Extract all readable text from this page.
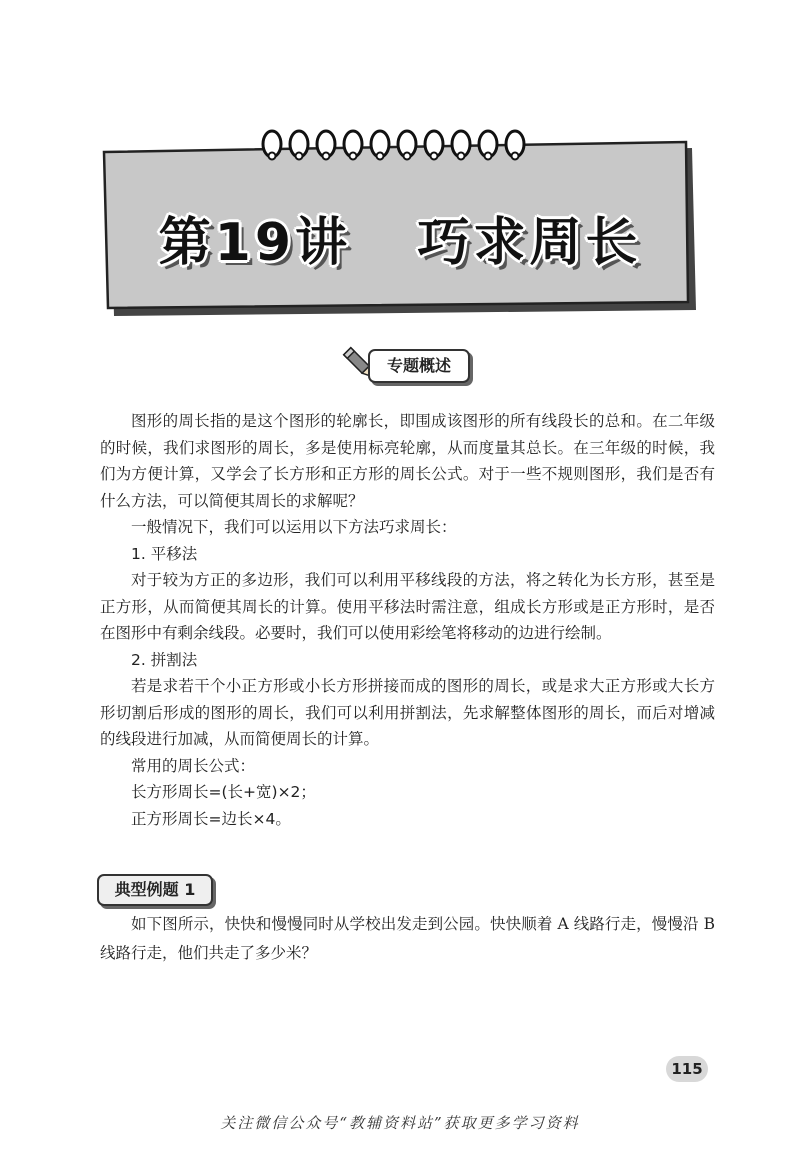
第19讲   巧求周长
专题概述

图形的周长指的是这个图形的轮廓长，即围成该图形的所有线段长的总和。在二年级的时候，我们求图形的周长，多是使用标亮轮廓，从而度量其总长。在三年级的时候，我们为方便计算，又学会了长方形和正方形的周长公式。对于一些不规则图形，我们是否有什么方法，可以简便其周长的求解呢？

一般情况下，我们可以运用以下方法巧求周长：

1. 平移法

对于较为方正的多边形，我们可以利用平移线段的方法，将之转化为长方形，甚至是正方形，从而简便其周长的计算。使用平移法时需注意，组成长方形或是正方形时，是否在图形中有剩余线段。必要时，我们可以使用彩绘笔将移动的边进行绘制。

2. 拼割法

若是求若干个小正方形或小长方形拼接而成的图形的周长，或是求大正方形或大长方形切割后形成的图形的周长，我们可以利用拼割法，先求解整体图形的周长，而后对增减的线段进行加减，从而简便周长的计算。

常用的周长公式：

长方形周长=(长+宽)×2；

正方形周长=边长×4。

典型例题 1

如下图所示，快快和慢慢同时从学校出发走到公园。快快顺着 A 线路行走，慢慢沿 B 线路行走，他们共走了多少米？

115
关注微信公众号“教辅资料站”获取更多学习资料
